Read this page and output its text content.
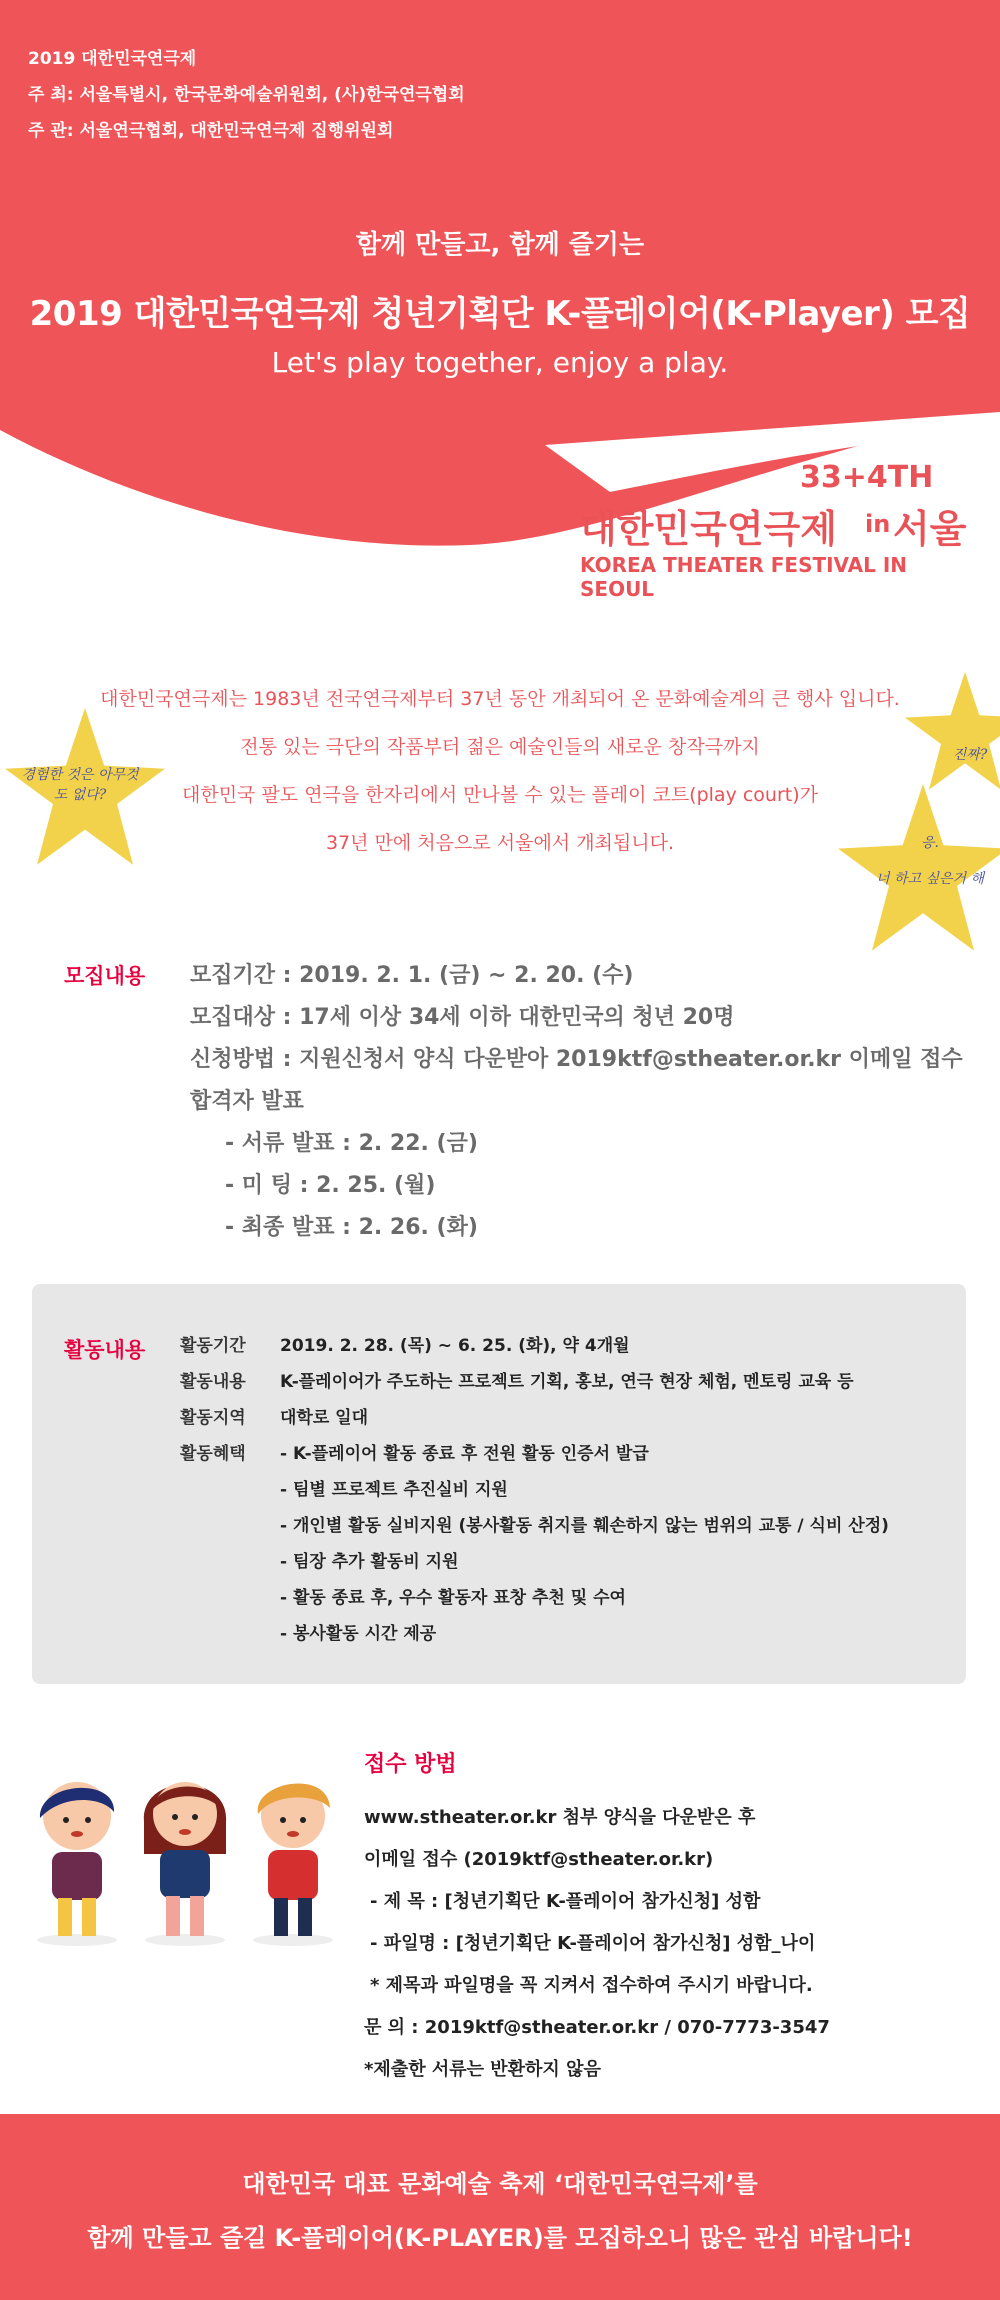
2019 대한민국연극제
주 최: 서울특별시, 한국문화예술위원회, (사)한국연극협회
주 관: 서울연극협회, 대한민국연극제 집행위원회
함께 만들고, 함께 즐기는
2019 대한민국연극제 청년기획단 K-플레이어(K-Player) 모집
Let's play together, enjoy a play.
33+4TH
대한민국연극제 in 서울
KOREA THEATER FESTIVAL IN SEOUL
대한민국연극제는 1983년 전국연극제부터 37년 동안 개최되어 온 문화예술계의 큰 행사 입니다.
전통 있는 극단의 작품부터 젊은 예술인들의 새로운 창작극까지
대한민국 팔도 연극을 한자리에서 만나볼 수 있는 플레이 코트(play court)가
37년 만에 처음으로 서울에서 개최됩니다.
경험한 것은 아무것도 없다?
진짜?
응.
너 하고 싶은거 해
모집내용 모집기간 : 2019. 2. 1. (금) ~ 2. 20. (수)
모집대상 : 17세 이상 34세 이하 대한민국의 청년 20명
신청방법 : 지원신청서 양식 다운받아 2019ktf@stheater.or.kr 이메일 접수
합격자 발표
- 서류 발표 : 2. 22. (금)
- 미 팅 : 2. 25. (월)
- 최종 발표 : 2. 26. (화)
활동내용 활동기간 2019. 2. 28. (목) ~ 6. 25. (화), 약 4개월
활동내용 K-플레이어가 주도하는 프로젝트 기획, 홍보, 연극 현장 체험, 멘토링 교육 등
활동지역 대학로 일대
활동혜택 - K-플레이어 활동 종료 후 전원 활동 인증서 발급
- 팀별 프로젝트 추진실비 지원
- 개인별 활동 실비지원 (봉사활동 취지를 훼손하지 않는 범위의 교통 / 식비 산정)
- 팀장 추가 활동비 지원
- 활동 종료 후, 우수 활동자 표창 추천 및 수여
- 봉사활동 시간 제공
접수 방법
www.stheater.or.kr 첨부 양식을 다운받은 후
이메일 접수 (2019ktf@stheater.or.kr)
- 제 목 : [청년기획단 K-플레이어 참가신청] 성함
- 파일명 : [청년기획단 K-플레이어 참가신청] 성함_나이
* 제목과 파일명을 꼭 지켜서 접수하여 주시기 바랍니다.
문 의 : 2019ktf@stheater.or.kr / 070-7773-3547
*제출한 서류는 반환하지 않음
대한민국 대표 문화예술 축제 ‘대한민국연극제’를
함께 만들고 즐길 K-플레이어(K-PLAYER)를 모집하오니 많은 관심 바랍니다!
